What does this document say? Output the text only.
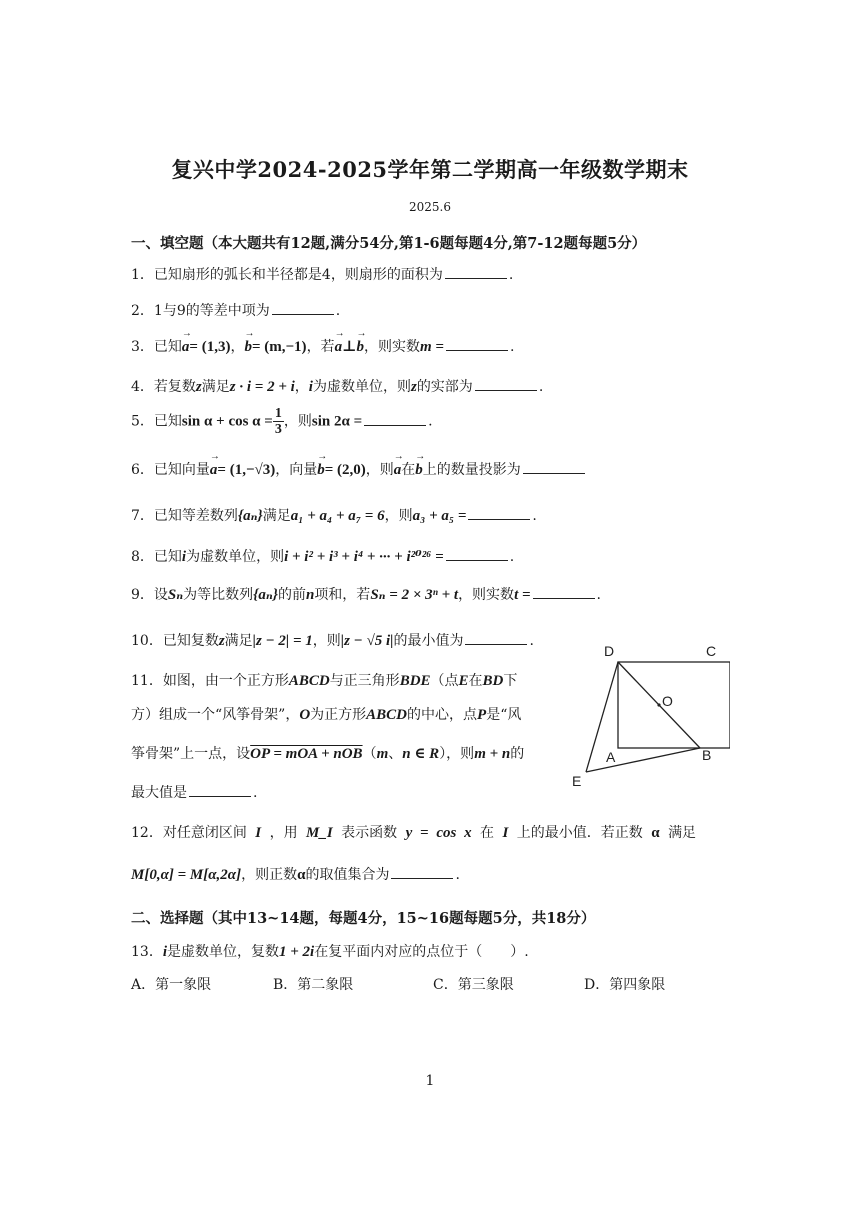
复兴中学2024-2025学年第二学期高一年级数学期末
2025.6
一、填空题（本大题共有12题,满分54分,第1-6题每题4分,第7-12题每题5分）
1．已知扇形的弧长和半径都是4，则扇形的面积为	.
2．1与9的等差中项为	.
3．已知→ a= (1,3)，→ b= (m,−1)，若→ a⊥→ b，则实数m =	.
4．若复数z满足z · i = 2 + i，i为虚数单位，则z的实部为	.
5．已知$\sin \alpha + \cos \alpha = \frac{1}{3}$ ，则sin 2α =	.
6．已知向量→ a= (1,−√3)，向量→ b= (2,0)，则→ a在→ b上的数量投影为
7．已知等差数列{aₙ}满足a₁ + a₄ + a₇ = 6，则a₃ + a₅ =	.
8．已知i为虚数单位，则i + i² + i³ + i⁴ + ··· + i²⁰²⁶ =	.
9．设Sₙ为等比数列{aₙ}的前n项和，若Sₙ = 2 × 3ⁿ + t，则实数t =	.
10．已知复数z满足|z − 2| = 1，则|z − √5 i|的最小值为	.
11．如图，由一个正方形ABCD与正三角形BDE（点E在BD下
方）组成一个“风筝骨架”，O为正方形ABCD的中心，点P是“风
筝骨架”上一点，设OP = mOA + nOB（m、n ∈ R），则m + n的
最大值是	.
D	C
O
A	B
E
12．对任意闭区间 I ，用 M_I 表示函数 y = cos x 在 I 上的最小值．若正数 α 满足
M[0,α] = M[α,2α]，则正数α的取值集合为	.
二、选择题（其中13~14题，每题4分，15~16题每题5分，共18分）
13．i是虚数单位，复数1 + 2i在复平面内对应的点位于（　　）.
A．第一象限	B．第二象限	C．第三象限	D．第四象限
1
